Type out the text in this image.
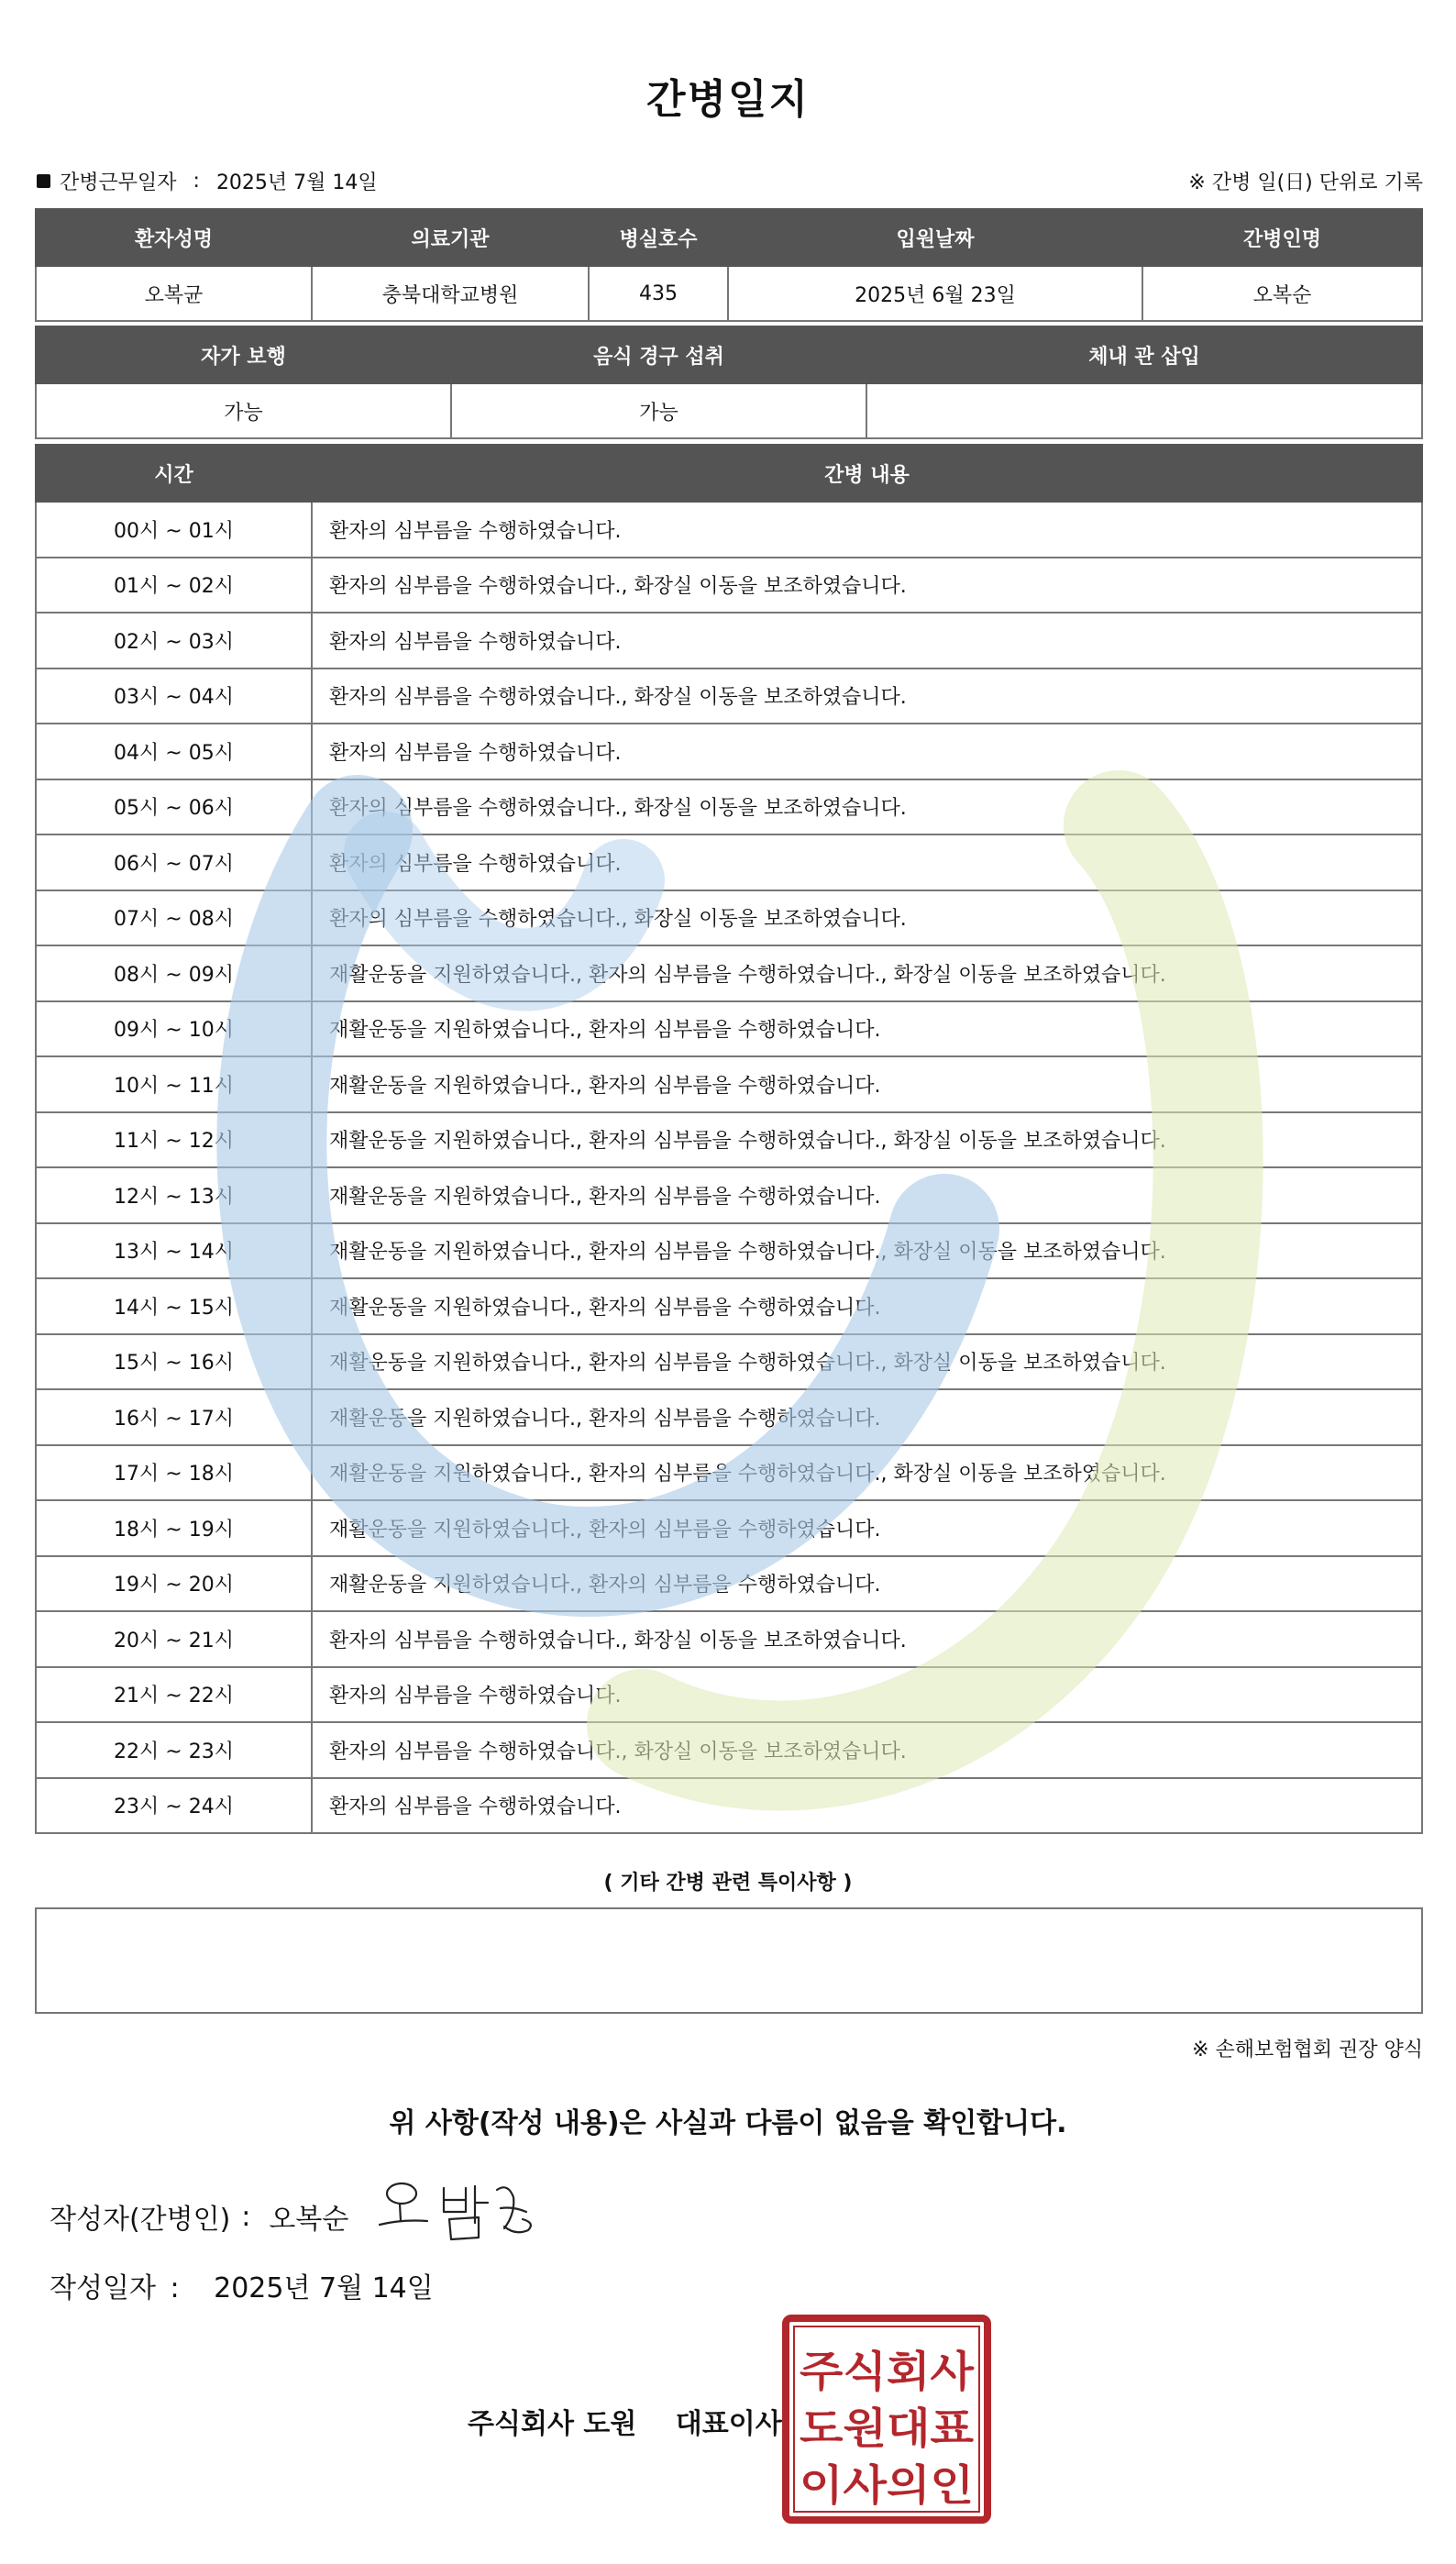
간병일지
간병근무일자 : 2025년 7월 14일	※ 간병 일(日) 단위로 기록
환자성명	의료기관	병실호수	입원날짜	간병인명
오복균	충북대학교병원	435	2025년 6월 23일	오복순
자가 보행	음식 경구 섭취	체내 관 삽입
가능	가능	
시간	간병 내용
00시 ~ 01시	환자의 심부름을 수행하였습니다.
01시 ~ 02시	환자의 심부름을 수행하였습니다., 화장실 이동을 보조하였습니다.
02시 ~ 03시	환자의 심부름을 수행하였습니다.
03시 ~ 04시	환자의 심부름을 수행하였습니다., 화장실 이동을 보조하였습니다.
04시 ~ 05시	환자의 심부름을 수행하였습니다.
05시 ~ 06시	환자의 심부름을 수행하였습니다., 화장실 이동을 보조하였습니다.
06시 ~ 07시	환자의 심부름을 수행하였습니다.
07시 ~ 08시	환자의 심부름을 수행하였습니다., 화장실 이동을 보조하였습니다.
08시 ~ 09시	재활운동을 지원하였습니다., 환자의 심부름을 수행하였습니다., 화장실 이동을 보조하였습니다.
09시 ~ 10시	재활운동을 지원하였습니다., 환자의 심부름을 수행하였습니다.
10시 ~ 11시	재활운동을 지원하였습니다., 환자의 심부름을 수행하였습니다.
11시 ~ 12시	재활운동을 지원하였습니다., 환자의 심부름을 수행하였습니다., 화장실 이동을 보조하였습니다.
12시 ~ 13시	재활운동을 지원하였습니다., 환자의 심부름을 수행하였습니다.
13시 ~ 14시	재활운동을 지원하였습니다., 환자의 심부름을 수행하였습니다., 화장실 이동을 보조하였습니다.
14시 ~ 15시	재활운동을 지원하였습니다., 환자의 심부름을 수행하였습니다.
15시 ~ 16시	재활운동을 지원하였습니다., 환자의 심부름을 수행하였습니다., 화장실 이동을 보조하였습니다.
16시 ~ 17시	재활운동을 지원하였습니다., 환자의 심부름을 수행하였습니다.
17시 ~ 18시	재활운동을 지원하였습니다., 환자의 심부름을 수행하였습니다., 화장실 이동을 보조하였습니다.
18시 ~ 19시	재활운동을 지원하였습니다., 환자의 심부름을 수행하였습니다.
19시 ~ 20시	재활운동을 지원하였습니다., 환자의 심부름을 수행하였습니다.
20시 ~ 21시	환자의 심부름을 수행하였습니다., 화장실 이동을 보조하였습니다.
21시 ~ 22시	환자의 심부름을 수행하였습니다.
22시 ~ 23시	환자의 심부름을 수행하였습니다., 화장실 이동을 보조하였습니다.
23시 ~ 24시	환자의 심부름을 수행하였습니다.
( 기타 간병 관련 특이사항 )
※ 손해보험협회 권장 양식
위 사항(작성 내용)은 사실과 다름이 없음을 확인합니다.
작성자(간병인) : 오복순
작성일자 : 2025년 7월 14일
주식회사 도원 대표이사
주식회사
도원대표
이사의인
